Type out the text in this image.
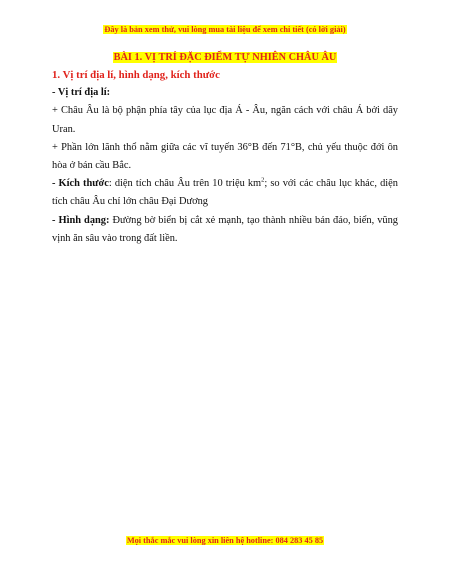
Đây là bản xem thử, vui lòng mua tài liệu để xem chi tiết (có lời giải)
BÀI 1. VỊ TRÍ ĐẶC ĐIỂM TỰ NHIÊN CHÂU ÂU

1. Vị trí địa lí, hình dạng, kích thước

- Vị trí địa lí:

+ Châu Âu là bộ phận phía tây của lục địa Á - Âu, ngăn cách với châu Á bởi dãy Uran.

+ Phần lớn lãnh thổ nằm giữa các vĩ tuyến 36°B đến 71°B, chủ yếu thuộc đới ôn hòa ở bán cầu Bắc.

- Kích thước: diện tích châu Âu trên 10 triệu $km^2$; so với các châu lục khác, diện tích châu Âu chỉ lớn châu Đại Dương

- Hình dạng: Đường bờ biển bị cắt xẻ mạnh, tạo thành nhiều bán đảo, biển, vũng vịnh ăn sâu vào trong đất liền.

Mọi thắc mắc vui lòng xin liên hệ hotline: 084 283 45 85
